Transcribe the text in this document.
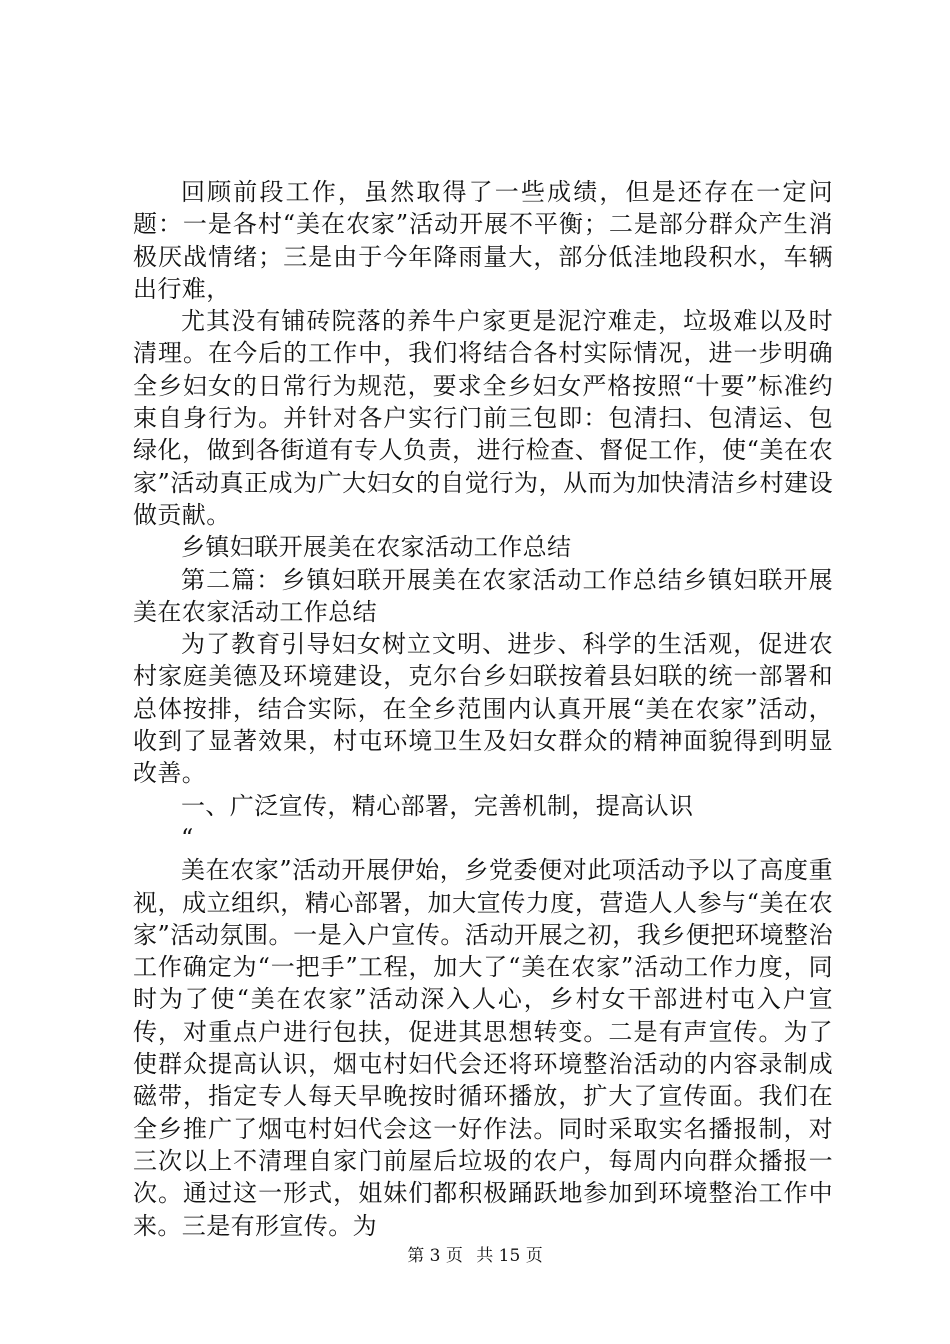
回顾前段工作，虽然取得了一些成绩，但是还存在一定问题：一是各村“美在农家”活动开展不平衡；二是部分群众产生消极厌战情绪；三是由于今年降雨量大，部分低洼地段积水，车辆出行难，

尤其没有铺砖院落的养牛户家更是泥泞难走，垃圾难以及时清理。在今后的工作中，我们将结合各村实际情况，进一步明确全乡妇女的日常行为规范，要求全乡妇女严格按照“十要”标准约束自身行为。并针对各户实行门前三包即：包清扫、包清运、包绿化，做到各街道有专人负责，进行检查、督促工作，使“美在农家”活动真正成为广大妇女的自觉行为，从而为加快清洁乡村建设做贡献。

乡镇妇联开展美在农家活动工作总结

第二篇：乡镇妇联开展美在农家活动工作总结乡镇妇联开展美在农家活动工作总结

为了教育引导妇女树立文明、进步、科学的生活观，促进农村家庭美德及环境建设，克尔台乡妇联按着县妇联的统一部署和总体按排，结合实际，在全乡范围内认真开展“美在农家”活动，收到了显著效果，村屯环境卫生及妇女群众的精神面貌得到明显改善。

一、广泛宣传，精心部署，完善机制，提高认识

“

美在农家”活动开展伊始，乡党委便对此项活动予以了高度重视，成立组织，精心部署，加大宣传力度，营造人人参与“美在农家”活动氛围。一是入户宣传。活动开展之初，我乡便把环境整治工作确定为“一把手”工程，加大了“美在农家”活动工作力度，同时为了使“美在农家”活动深入人心，乡村女干部进村屯入户宣传，对重点户进行包扶，促进其思想转变。二是有声宣传。为了使群众提高认识，烟屯村妇代会还将环境整治活动的内容录制成磁带，指定专人每天早晚按时循环播放，扩大了宣传面。我们在全乡推广了烟屯村妇代会这一好作法。同时采取实名播报制，对三次以上不清理自家门前屋后垃圾的农户，每周内向群众播报一次。通过这一形式，姐妹们都积极踊跃地参加到环境整治工作中来。三是有形宣传。为

第 3 页 共 15 页
